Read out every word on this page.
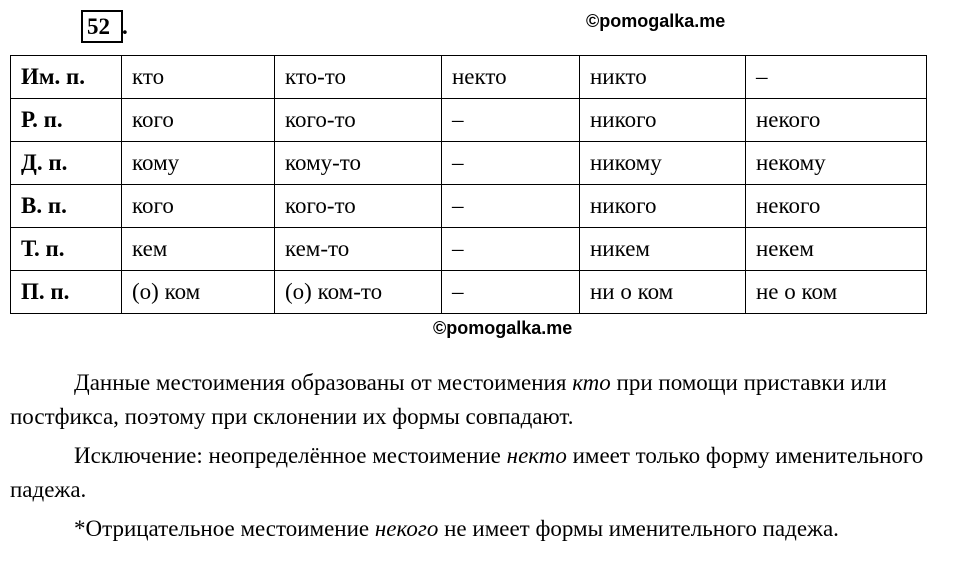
52 .	©pomogalka.me
Им. п.	кто	кто-то	некто	никто	–
Р. п.	кого	кого-то	–	никого	некого
Д. п.	кому	кому-то	–	никому	некому
В. п.	кого	кого-то	–	никого	некого
Т. п.	кем	кем-то	–	никем	некем
П. п.	(о) ком	(о) ком-то	–	ни о ком	не о ком
©pomogalka.me

Данные местоимения образованы от местоимения кто при помощи приставки или постфикса, поэтому при склонении их формы совпадают.

Исключение: неопределённое местоимение некто имеет только форму именительного падежа.

*Отрицательное местоимение некого не имеет формы именительного падежа.
